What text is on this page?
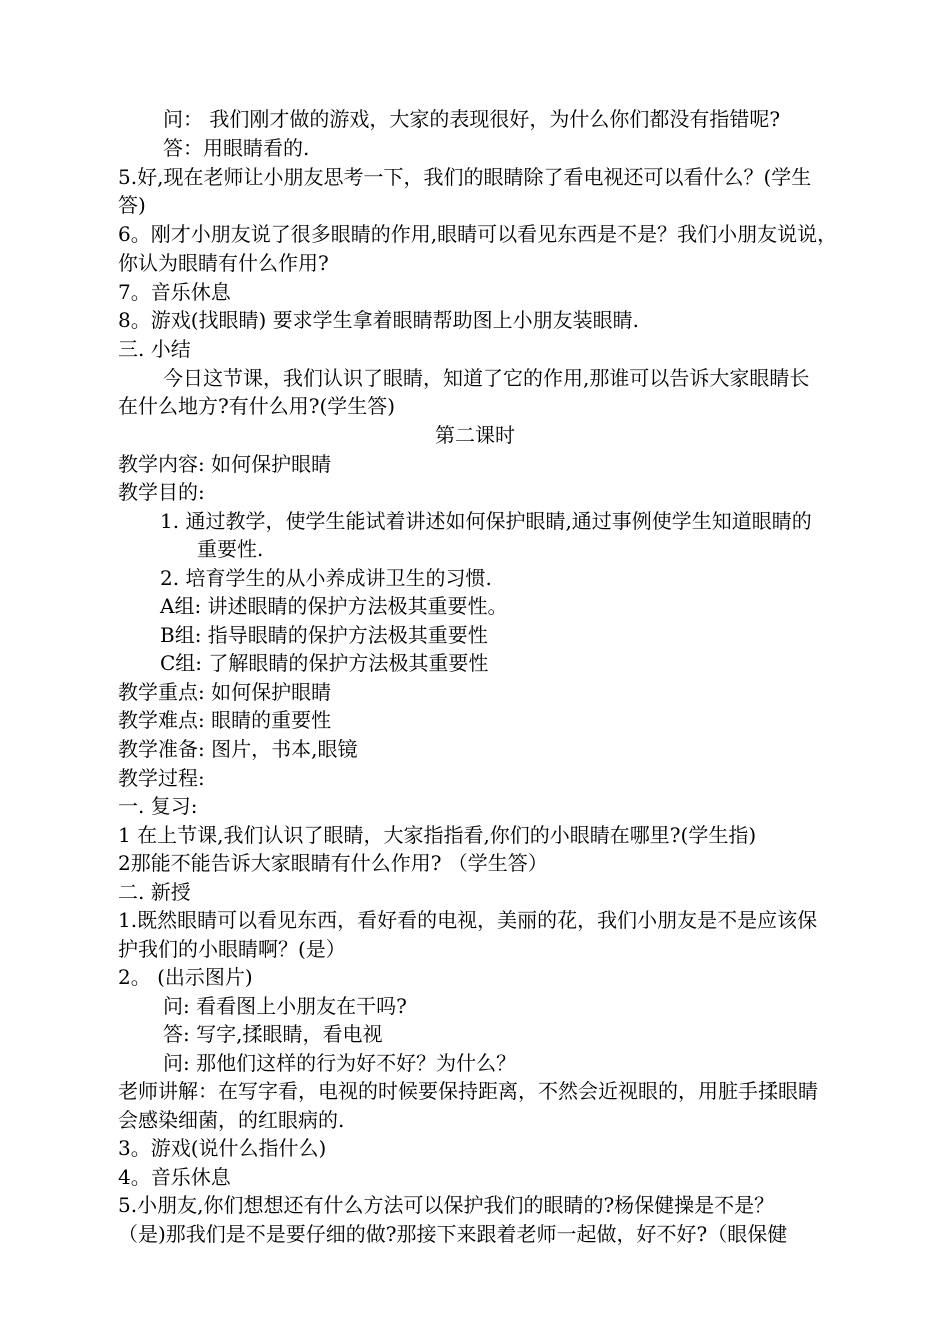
问： 我们刚才做的游戏，大家的表现很好，为什么你们都没有指错呢?
答：用眼睛看的.
5.好,现在老师让小朋友思考一下，我们的眼睛除了看电视还可以看什么？(学生
答)
6。刚才小朋友说了很多眼睛的作用,眼睛可以看见东西是不是？我们小朋友说说，
你认为眼睛有什么作用?
7。音乐休息
8。游戏(找眼睛) 要求学生拿着眼睛帮助图上小朋友装眼睛.
三. 小结
今日这节课，我们认识了眼睛，知道了它的作用,那谁可以告诉大家眼睛长
在什么地方?有什么用?(学生答)
第二课时
教学内容: 如何保护眼睛
教学目的:
1. 通过教学，使学生能试着讲述如何保护眼睛,通过事例使学生知道眼睛的
重要性.
2. 培育学生的从小养成讲卫生的习惯.
A组: 讲述眼睛的保护方法极其重要性。
B组: 指导眼睛的保护方法极其重要性
C组: 了解眼睛的保护方法极其重要性
教学重点: 如何保护眼睛
教学难点: 眼睛的重要性
教学准备: 图片，书本,眼镜
教学过程:
一. 复习:
1 在上节课,我们认识了眼睛，大家指指看,你们的小眼睛在哪里?(学生指)
2那能不能告诉大家眼睛有什么作用? （学生答）
二. 新授
1.既然眼睛可以看见东西，看好看的电视，美丽的花，我们小朋友是不是应该保
护我们的小眼睛啊？(是）
2。 (出示图片)
问: 看看图上小朋友在干吗?
答: 写字,揉眼睛，看电视
问: 那他们这样的行为好不好？为什么？
老师讲解：在写字看，电视的时候要保持距离，不然会近视眼的，用脏手揉眼睛
会感染细菌，的红眼病的.
3。游戏(说什么指什么)
4。音乐休息
5.小朋友,你们想想还有什么方法可以保护我们的眼睛的?杨保健操是不是？
（是)那我们是不是要仔细的做?那接下来跟着老师一起做，好不好?（眼保健
